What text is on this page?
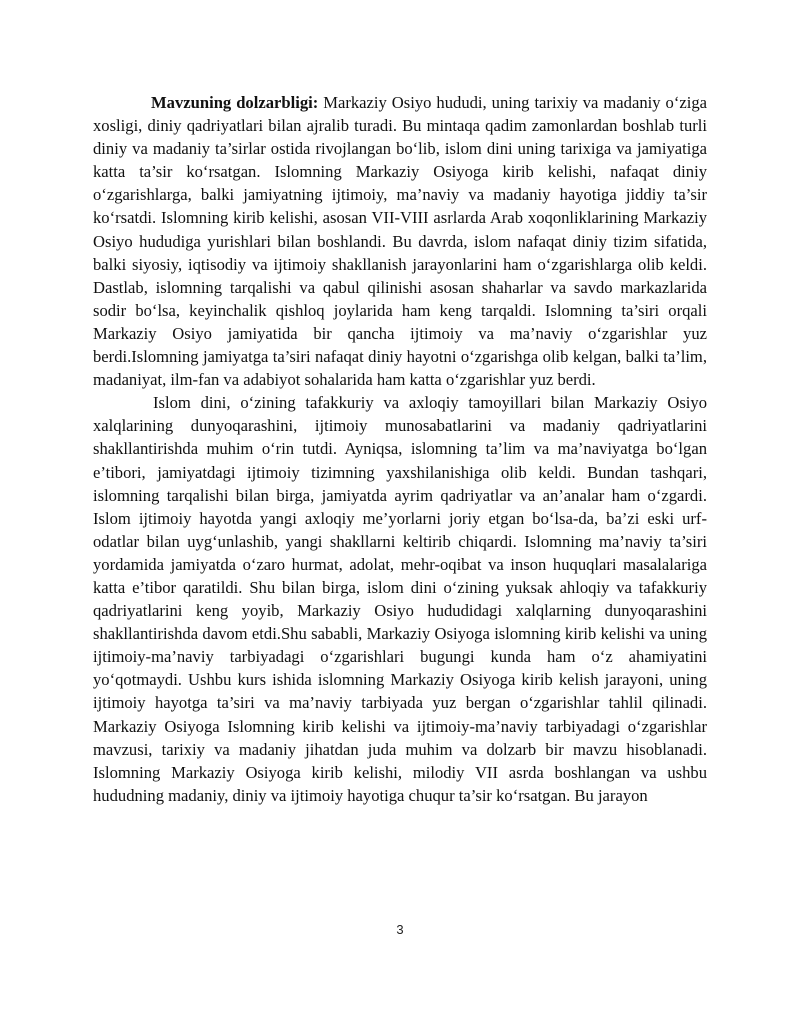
Mavzuning dolzarbligi: Markaziy Osiyo hududi, uning tarixiy va madaniy o‘ziga xosligi, diniy qadriyatlari bilan ajralib turadi. Bu mintaqa qadim zamonlardan boshlab turli diniy va madaniy ta’sirlar ostida rivojlangan bo‘lib, islom dini uning tarixiga va jamiyatiga katta ta’sir ko‘rsatgan. Islomning Markaziy Osiyoga kirib kelishi, nafaqat diniy o‘zgarishlarga, balki jamiyatning ijtimoiy, ma’naviy va madaniy hayotiga jiddiy ta’sir ko‘rsatdi. Islomning kirib kelishi, asosan VII-VIII asrlarda Arab xoqonliklarining Markaziy Osiyo hududiga yurishlari bilan boshlandi. Bu davrda, islom nafaqat diniy tizim sifatida, balki siyosiy, iqtisodiy va ijtimoiy shakllanish jarayonlarini ham o‘zgarishlarga olib keldi. Dastlab, islomning tarqalishi va qabul qilinishi asosan shaharlar va savdo markazlarida sodir bo‘lsa, keyinchalik qishloq joylarida ham keng tarqaldi. Islomning ta’siri orqali Markaziy Osiyo jamiyatida bir qancha ijtimoiy va ma’naviy o‘zgarishlar yuz berdi.Islomning jamiyatga ta’siri nafaqat diniy hayotni o‘zgarishga olib kelgan, balki ta’lim, madaniyat, ilm-fan va adabiyot sohalarida ham katta o‘zgarishlar yuz berdi.

Islom dini, o‘zining tafakkuriy va axloqiy tamoyillari bilan Markaziy Osiyo xalqlarining dunyoqarashini, ijtimoiy munosabatlarini va madaniy qadriyatlarini shakllantirishda muhim o‘rin tutdi. Ayniqsa, islomning ta’lim va ma’naviyatga bo‘lgan e’tibori, jamiyatdagi ijtimoiy tizimning yaxshilanishiga olib keldi. Bundan tashqari, islomning tarqalishi bilan birga, jamiyatda ayrim qadriyatlar va an’analar ham o‘zgardi. Islom ijtimoiy hayotda yangi axloqiy me’yorlarni joriy etgan bo‘lsa-da, ba’zi eski urf-odatlar bilan uyg‘unlashib, yangi shakllarni keltirib chiqardi. Islomning ma’naviy ta’siri yordamida jamiyatda o‘zaro hurmat, adolat, mehr-oqibat va inson huquqlari masalalariga katta e’tibor qaratildi. Shu bilan birga, islom dini o‘zining yuksak ahloqiy va tafakkuriy qadriyatlarini keng yoyib, Markaziy Osiyo hududidagi xalqlarning dunyoqarashini shakllantirishda davom etdi.Shu sababli, Markaziy Osiyoga islomning kirib kelishi va uning ijtimoiy-ma’naviy tarbiyadagi o‘zgarishlari bugungi kunda ham o‘z ahamiyatini yo‘qotmaydi. Ushbu kurs ishida islomning Markaziy Osiyoga kirib kelish jarayoni, uning ijtimoiy hayotga ta’siri va ma’naviy tarbiyada yuz bergan o‘zgarishlar tahlil qilinadi. Markaziy Osiyoga Islomning kirib kelishi va ijtimoiy-ma’naviy tarbiyadagi o‘zgarishlar mavzusi, tarixiy va madaniy jihatdan juda muhim va dolzarb bir mavzu hisoblanadi. Islomning Markaziy Osiyoga kirib kelishi, milodiy VII asrda boshlangan va ushbu hududning madaniy, diniy va ijtimoiy hayotiga chuqur ta’sir ko‘rsatgan. Bu jarayon

3
